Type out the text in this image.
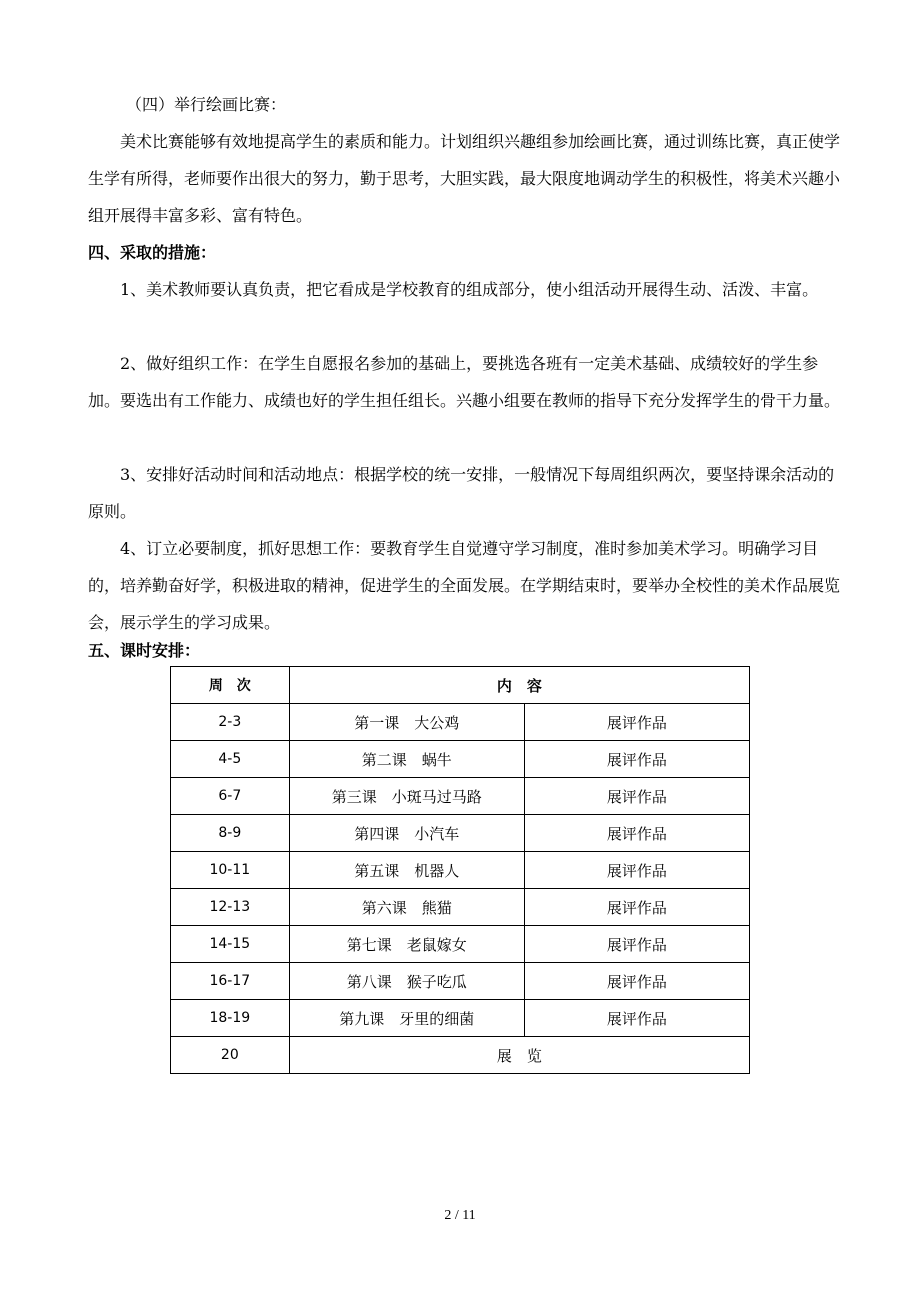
（四）举行绘画比赛：

美术比赛能够有效地提高学生的素质和能力。计划组织兴趣组参加绘画比赛，通过训练比赛，真正使学生学有所得，老师要作出很大的努力，勤于思考，大胆实践，最大限度地调动学生的积极性，将美术兴趣小组开展得丰富多彩、富有特色。

四、采取的措施：

1、美术教师要认真负责，把它看成是学校教育的组成部分，使小组活动开展得生动、活泼、丰富。

2、做好组织工作：在学生自愿报名参加的基础上，要挑选各班有一定美术基础、成绩较好的学生参加。要选出有工作能力、成绩也好的学生担任组长。兴趣小组要在教师的指导下充分发挥学生的骨干力量。

3、安排好活动时间和活动地点：根据学校的统一安排，一般情况下每周组织两次，要坚持课余活动的原则。

4、订立必要制度，抓好思想工作：要教育学生自觉遵守学习制度，准时参加美术学习。明确学习目的，培养勤奋好学，积极进取的精神，促进学生的全面发展。在学期结束时，要举办全校性的美术作品展览会，展示学生的学习成果。

五、课时安排：

周　次	内　容	
2-3	第一课　大公鸡	展评作品
4-5	第二课　蜗牛	展评作品
6-7	第三课　小斑马过马路	展评作品
8-9	第四课　小汽车	展评作品
10-11	第五课　机器人	展评作品
12-13	第六课　熊猫	展评作品
14-15	第七课　老鼠嫁女	展评作品
16-17	第八课　猴子吃瓜	展评作品
18-19	第九课　牙里的细菌	展评作品
20	展　览	
2 / 11
